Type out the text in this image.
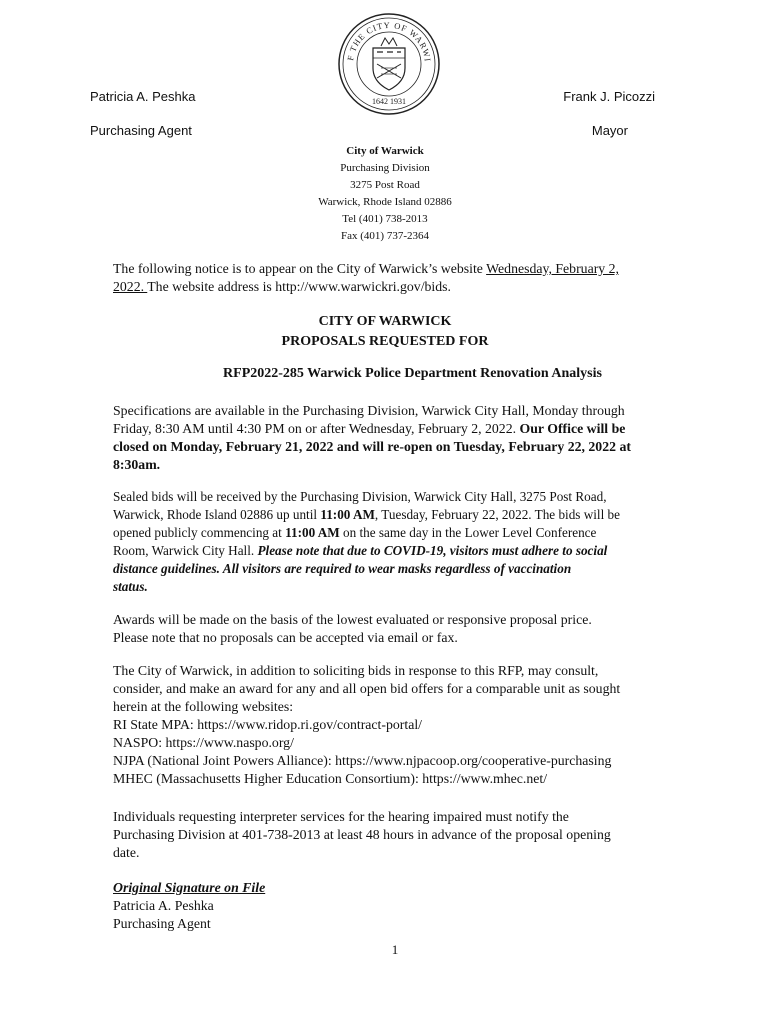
Patricia A. Peshka
Purchasing Agent
Frank J. Picozzi
Mayor
F THE CITY OF WARWI
1642 1931
City of Warwick
Purchasing Division
3275 Post Road
Warwick, Rhode Island 02886
Tel (401) 738-2013
Fax (401) 737-2364
The following notice is to appear on the City of Warwick’s website Wednesday, February 2,
2022. The website address is http://www.warwickri.gov/bids.
CITY OF WARWICK
PROPOSALS REQUESTED FOR
RFP2022-285 Warwick Police Department Renovation Analysis
Specifications are available in the Purchasing Division, Warwick City Hall, Monday through
Friday, 8:30 AM until 4:30 PM on or after Wednesday, February 2, 2022. Our Office will be
closed on Monday, February 21, 2022 and will re-open on Tuesday, February 22, 2022 at
8:30am.
Sealed bids will be received by the Purchasing Division, Warwick City Hall, 3275 Post Road,
Warwick, Rhode Island 02886 up until 11:00 AM, Tuesday, February 22, 2022. The bids will be
opened publicly commencing at 11:00 AM on the same day in the Lower Level Conference
Room, Warwick City Hall. Please note that due to COVID-19, visitors must adhere to social
distance guidelines. All visitors are required to wear masks regardless of vaccination
status.
Awards will be made on the basis of the lowest evaluated or responsive proposal price.
Please note that no proposals can be accepted via email or fax.
The City of Warwick, in addition to soliciting bids in response to this RFP, may consult,
consider, and make an award for any and all open bid offers for a comparable unit as sought
herein at the following websites:
RI State MPA: https://www.ridop.ri.gov/contract-portal/
NASPO: https://www.naspo.org/
NJPA (National Joint Powers Alliance): https://www.njpacoop.org/cooperative-purchasing
MHEC (Massachusetts Higher Education Consortium): https://www.mhec.net/
Individuals requesting interpreter services for the hearing impaired must notify the
Purchasing Division at 401-738-2013 at least 48 hours in advance of the proposal opening
date.
Original Signature on File
Patricia A. Peshka
Purchasing Agent
1
